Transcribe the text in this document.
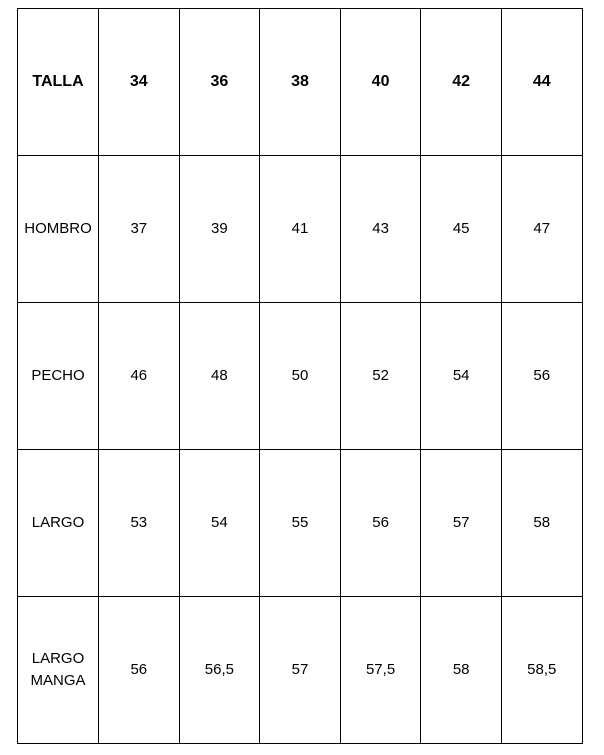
TALLA	34	36	38	40	42	44
HOMBRO	37	39	41	43	45	47
PECHO	46	48	50	52	54	56
LARGO	53	54	55	56	57	58
LARGO
MANGA	56	56,5	57	57,5	58	58,5
